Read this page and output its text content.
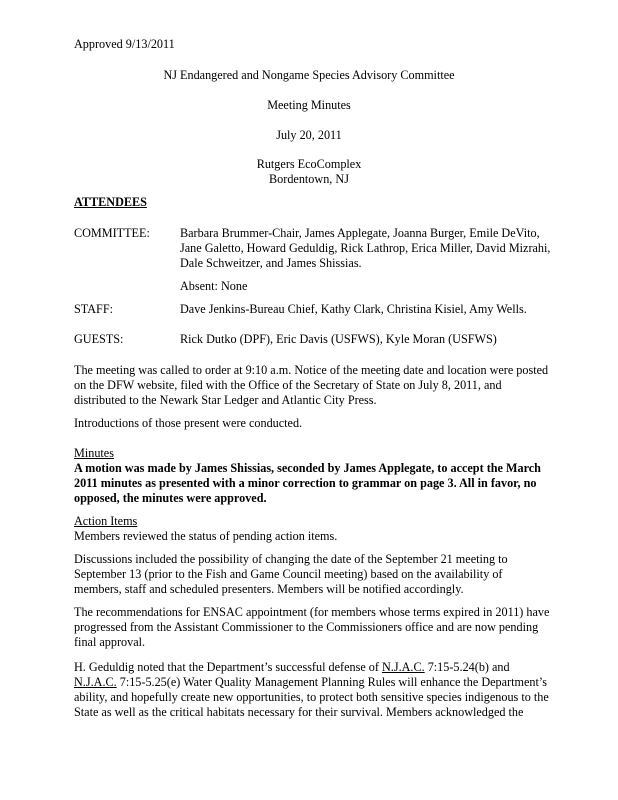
Approved 9/13/2011
NJ Endangered and Nongame Species Advisory Committee
Meeting Minutes
July 20, 2011
Rutgers EcoComplex
Bordentown, NJ
ATTENDEES
COMMITTEE: Barbara Brummer-Chair, James Applegate, Joanna Burger, Emile DeVito, Jane Galetto, Howard Geduldig, Rick Lathrop, Erica Miller, David Mizrahi, Dale Schweitzer, and James Shissias.
Absent: None
STAFF:	Dave Jenkins-Bureau Chief, Kathy Clark, Christina Kisiel, Amy Wells.
GUESTS:	Rick Dutko (DPF), Eric Davis (USFWS), Kyle Moran (USFWS)
The meeting was called to order at 9:10 a.m. Notice of the meeting date and location were posted on the DFW website, filed with the Office of the Secretary of State on July 8, 2011, and distributed to the Newark Star Ledger and Atlantic City Press.
Introductions of those present were conducted.
Minutes
A motion was made by James Shissias, seconded by James Applegate, to accept the March 2011 minutes as presented with a minor correction to grammar on page 3. All in favor, no opposed, the minutes were approved.
Action Items
Members reviewed the status of pending action items.
Discussions included the possibility of changing the date of the September 21 meeting to September 13 (prior to the Fish and Game Council meeting) based on the availability of members, staff and scheduled presenters. Members will be notified accordingly.
The recommendations for ENSAC appointment (for members whose terms expired in 2011) have progressed from the Assistant Commissioner to the Commissioners office and are now pending final approval.
H. Geduldig noted that the Department’s successful defense of N.J.A.C. 7:15-5.24(b) and N.J.A.C. 7:15-5.25(e) Water Quality Management Planning Rules will enhance the Department’s ability, and hopefully create new opportunities, to protect both sensitive species indigenous to the State as well as the critical habitats necessary for their survival. Members acknowledged the
